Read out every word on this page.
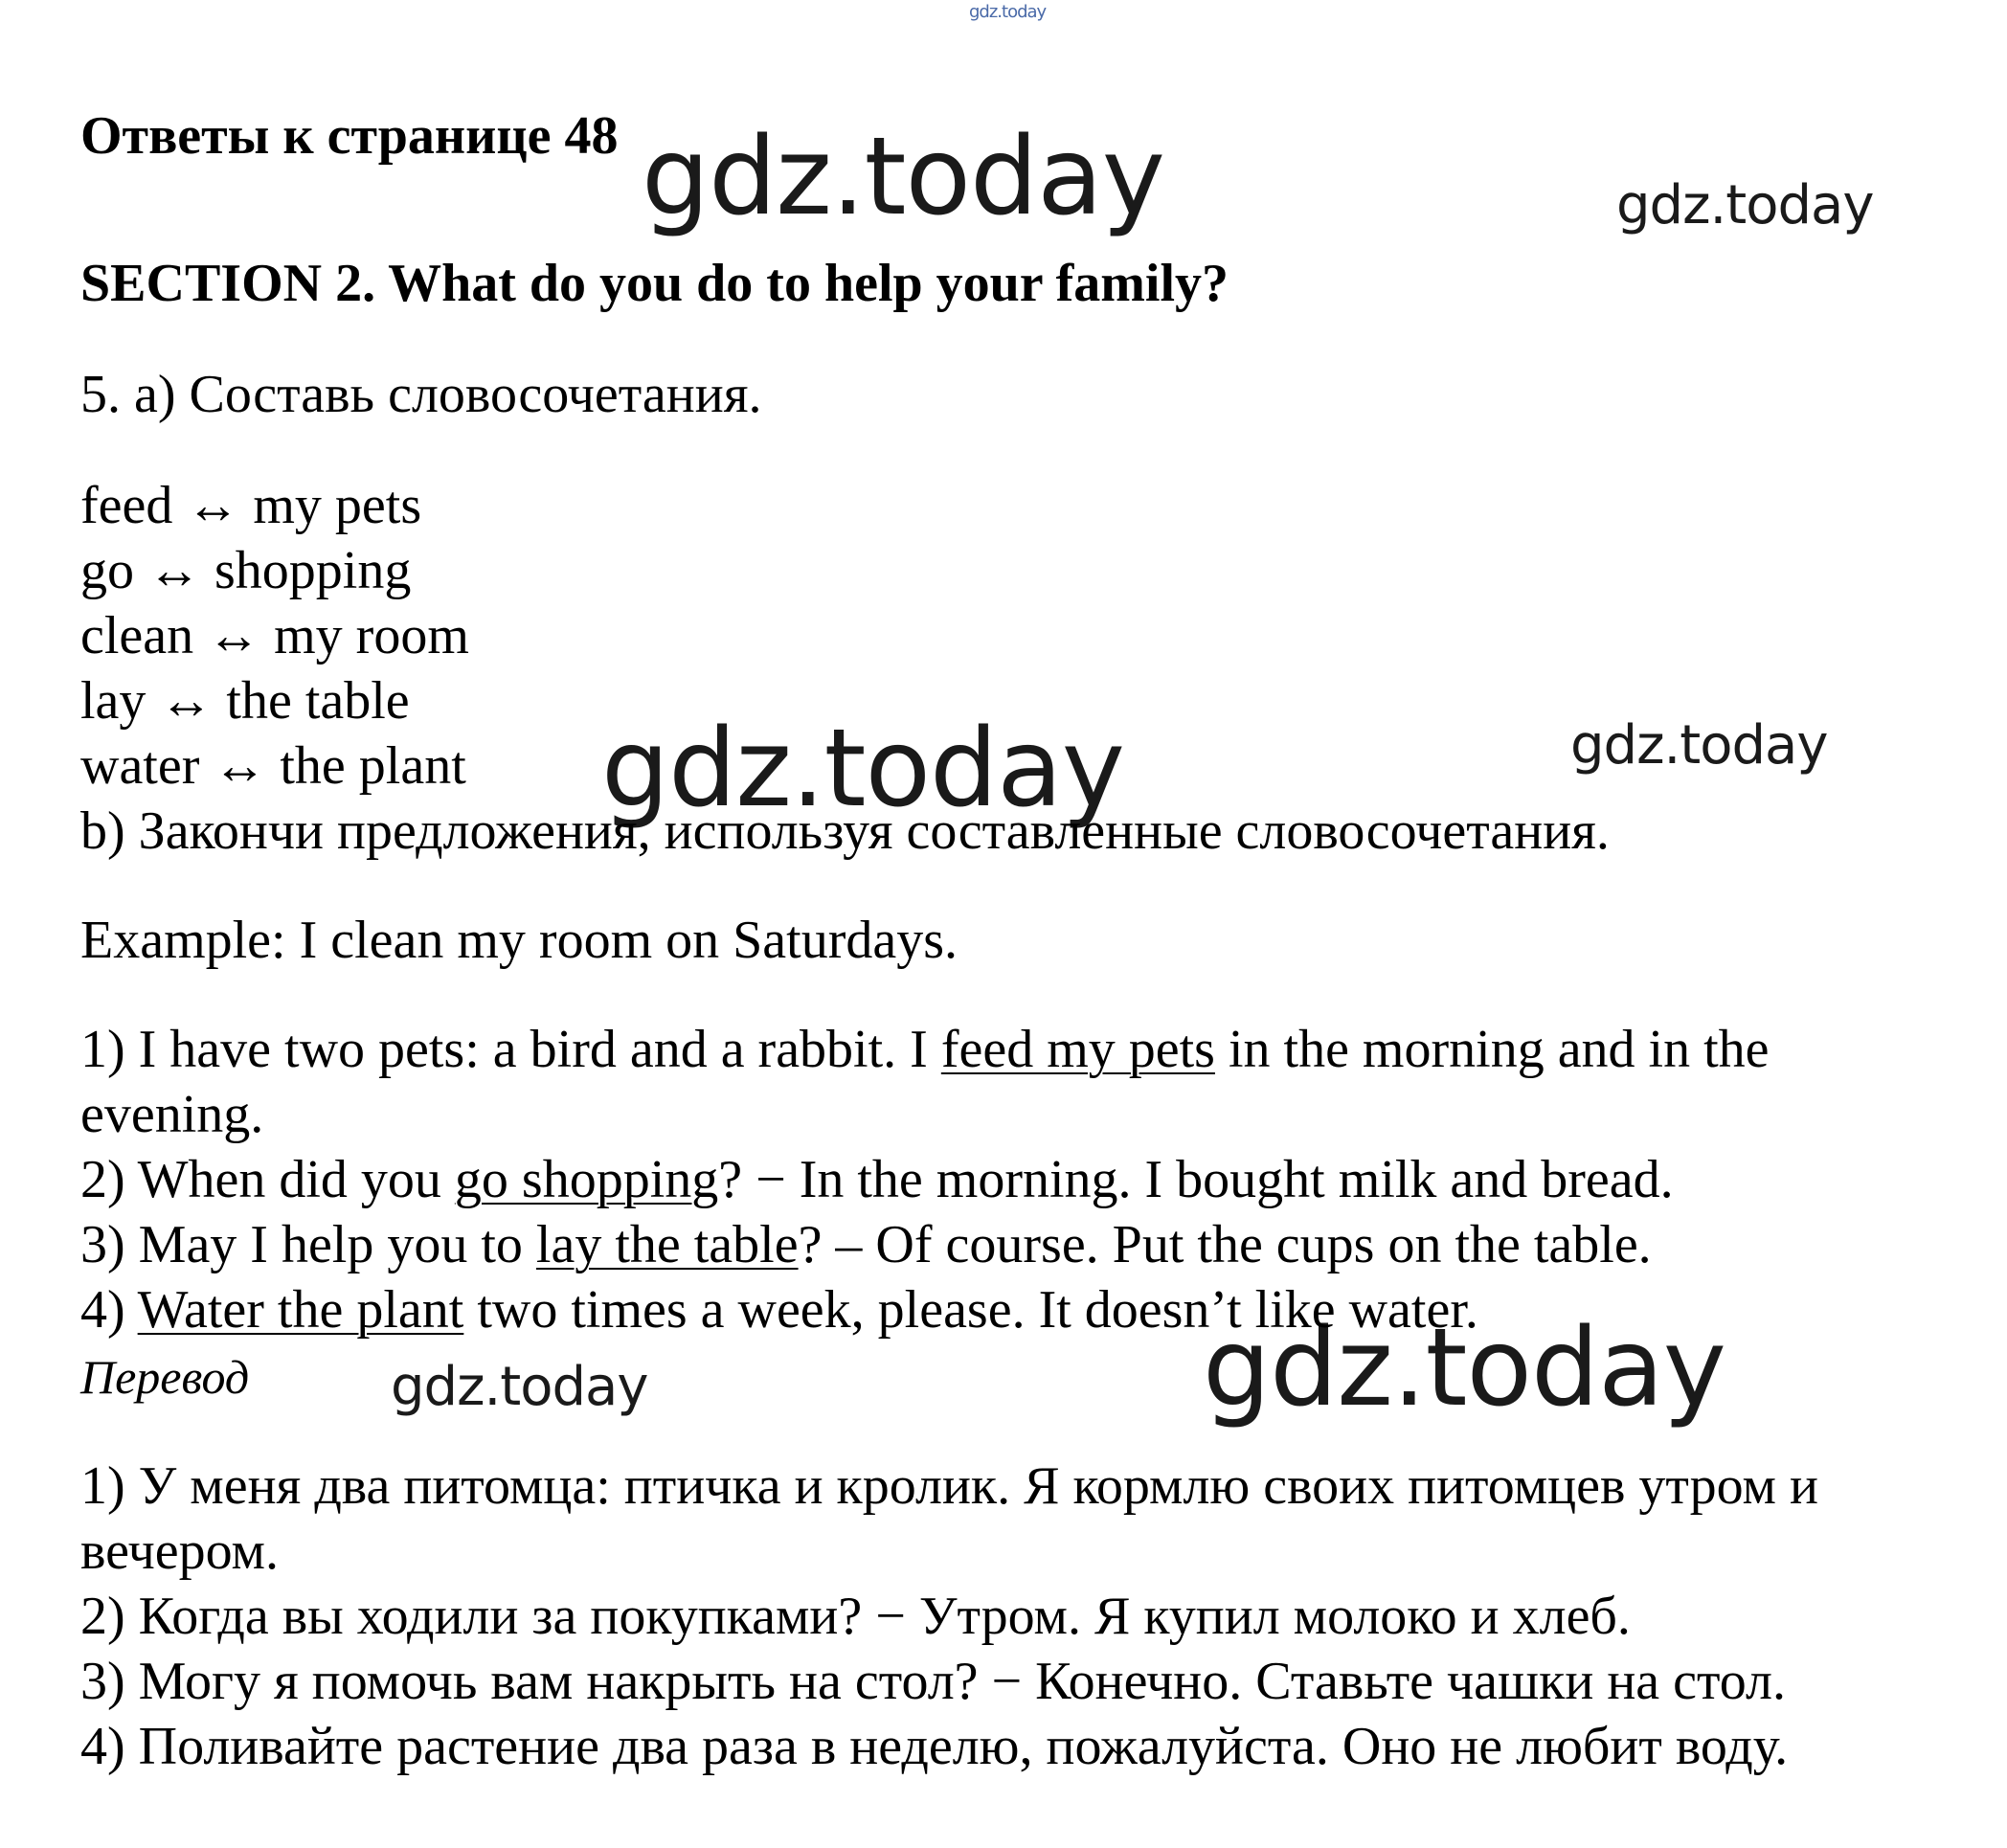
gdz.today
gdz.today	gdz.today
gdz.today	gdz.today
gdz.today	gdz.today
Ответы к странице 48
SECTION 2. What do you do to help your family?
5. a) Составь словосочетания.
feed ↔ my pets
go ↔ shopping
clean ↔ my room
lay ↔ the table
water ↔ the plant
b) Закончи предложения, используя составленные словосочетания.
Example: I clean my room on Saturdays.
1) I have two pets: a bird and a rabbit. I feed my pets in the morning and in the
evening.
2) When did you go shopping? − In the morning. I bought milk and bread.
3) May I help you to lay the table? – Of course. Put the cups on the table.
4) Water the plant two times a week, please. It doesn’t like water.
Перевод
1) У меня два питомца: птичка и кролик. Я кормлю своих питомцев утром и
вечером.
2) Когда вы ходили за покупками? − Утром. Я купил молоко и хлеб.
3) Могу я помочь вам накрыть на стол? − Конечно. Ставьте чашки на стол.
4) Поливайте растение два раза в неделю, пожалуйста. Оно не любит воду.
